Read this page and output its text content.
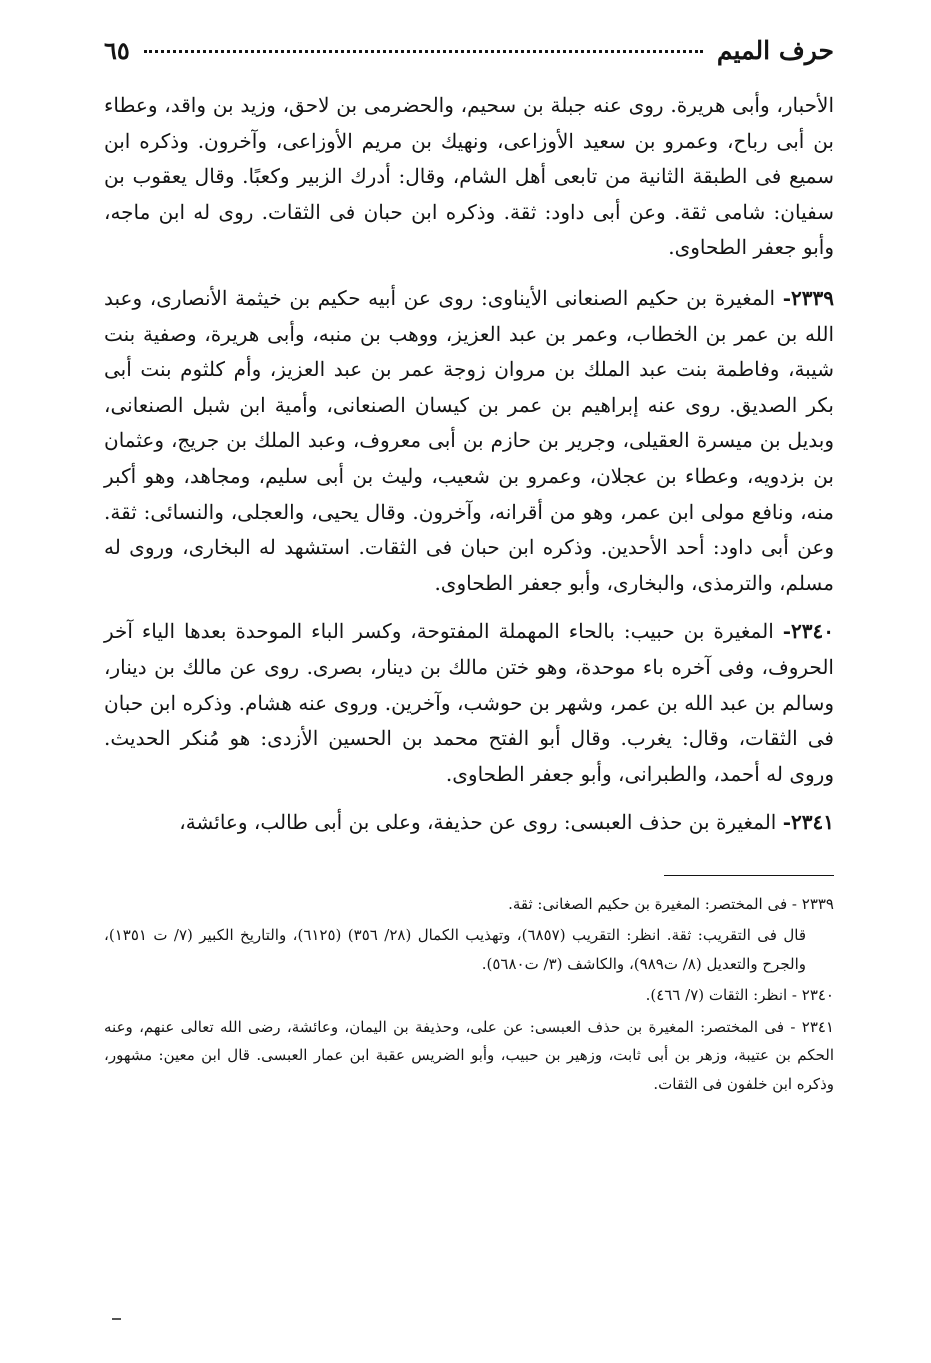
حرف الميم
٦٥

الأحبار، وأبى هريرة. روى عنه جبلة بن سحيم، والحضرمى بن لاحق، وزيد بن واقد، وعطاء بن أبى رباح، وعمرو بن سعيد الأوزاعى، ونهيك بن مريم الأوزاعى، وآخرون. وذكره ابن سميع فى الطبقة الثانية من تابعى أهل الشام، وقال: أدرك الزبير وكعبًا. وقال يعقوب بن سفيان: شامى ثقة. وعن أبى داود: ثقة. وذكره ابن حبان فى الثقات. روى له ابن ماجه، وأبو جعفر الطحاوى.

٢٣٣٩- المغيرة بن حكيم الصنعانى الأيناوى: روى عن أبيه حكيم بن خيثمة الأنصارى، وعبد الله بن عمر بن الخطاب، وعمر بن عبد العزيز، ووهب بن منبه، وأبى هريرة، وصفية بنت شيبة، وفاطمة بنت عبد الملك بن مروان زوجة عمر بن عبد العزيز، وأم كلثوم بنت أبى بكر الصديق. روى عنه إبراهيم بن عمر بن كيسان الصنعانى، وأمية ابن شبل الصنعانى، وبديل بن ميسرة العقيلى، وجرير بن حازم بن أبى معروف، وعبد الملك بن جريج، وعثمان بن بزدويه، وعطاء بن عجلان، وعمرو بن شعيب، وليث بن أبى سليم، ومجاهد، وهو أكبر منه، ونافع مولى ابن عمر، وهو من أقرانه، وآخرون. وقال يحيى، والعجلى، والنسائى: ثقة. وعن أبى داود: أحد الأحدين. وذكره ابن حبان فى الثقات. استشهد له البخارى، وروى له مسلم، والترمذى، والبخارى، وأبو جعفر الطحاوى.

٢٣٤٠- المغيرة بن حبيب: بالحاء المهملة المفتوحة، وكسر الباء الموحدة بعدها الياء آخر الحروف، وفى آخره باء موحدة، وهو ختن مالك بن دينار، بصرى. روى عن مالك بن دينار، وسالم بن عبد الله بن عمر، وشهر بن حوشب، وآخرين. وروى عنه هشام. وذكره ابن حبان فى الثقات، وقال: يغرب. وقال أبو الفتح محمد بن الحسين الأزدى: هو مُنكر الحديث. وروى له أحمد، والطبرانى، وأبو جعفر الطحاوى.

٢٣٤١- المغيرة بن حذف العبسى: روى عن حذيفة، وعلى بن أبى طالب، وعائشة،

٢٣٣٩ - فى المختصر: المغيرة بن حكيم الصغانى: ثقة.

قال فى التقريب: ثقة. انظر: التقريب (٦٨٥٧)، وتهذيب الكمال (٢٨/ ٣٥٦) (٦١٢٥)، والتاريخ الكبير (٧/ ت ١٣٥١)، والجرح والتعديل (٨/ ت٩٨٩)، والكاشف (٣/ ت٥٦٨٠).

٢٣٤٠ - انظر: الثقات (٧/ ٤٦٦).

٢٣٤١ - فى المختصر: المغيرة بن حذف العبسى: عن على، وحذيفة بن اليمان، وعائشة، رضى الله تعالى عنهم، وعنه الحكم بن عتيبة، وزهر بن أبى ثابت، وزهير بن حبيب، وأبو الضريس عقبة ابن عمار العبسى. قال ابن معين: مشهور، وذكره ابن خلفون فى الثقات.
